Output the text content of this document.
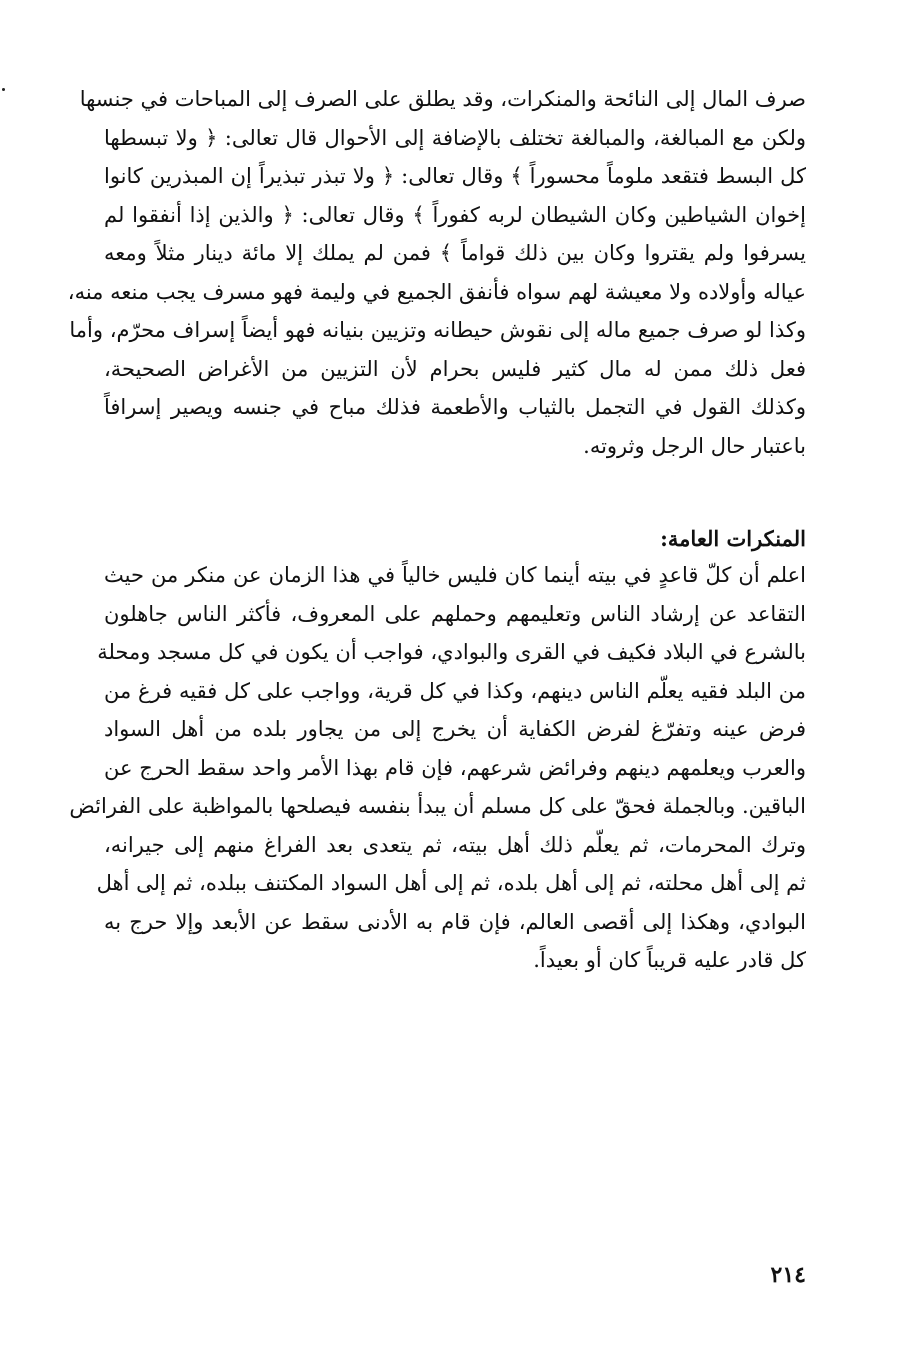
صرف المال إلى النائحة والمنكرات، وقد يطلق على الصرف إلى المباحات في جنسها
ولكن مع المبالغة، والمبالغة تختلف بالإضافة إلى الأحوال قال تعالى: ﴿ ولا تبسطها
كل البسط فتقعد ملوماً محسوراً ﴾ وقال تعالى: ﴿ ولا تبذر تبذيراً إن المبذرين كانوا
إخوان الشياطين وكان الشيطان لربه كفوراً ﴾ وقال تعالى: ﴿ والذين إذا أنفقوا لم
يسرفوا ولم يقتروا وكان بين ذلك قواماً ﴾ فمن لم يملك إلا مائة دينار مثلاً ومعه
عياله وأولاده ولا معيشة لهم سواه فأنفق الجميع في وليمة فهو مسرف يجب منعه منه،
وكذا لو صرف جميع ماله إلى نقوش حيطانه وتزيين بنيانه فهو أيضاً إسراف محرّم، وأما
فعل ذلك ممن له مال كثير فليس بحرام لأن التزيين من الأغراض الصحيحة،
وكذلك القول في التجمل بالثياب والأطعمة فذلك مباح في جنسه ويصير إسرافاً
باعتبار حال الرجل وثروته.
المنكرات العامة:
اعلم أن كلّ قاعدٍ في بيته أينما كان فليس خالياً في هذا الزمان عن منكر من حيث
التقاعد عن إرشاد الناس وتعليمهم وحملهم على المعروف، فأكثر الناس جاهلون
بالشرع في البلاد فكيف في القرى والبوادي، فواجب أن يكون في كل مسجد ومحلة
من البلد فقيه يعلّم الناس دينهم، وكذا في كل قرية، وواجب على كل فقيه فرغ من
فرض عينه وتفرّغ لفرض الكفاية أن يخرج إلى من يجاور بلده من أهل السواد
والعرب ويعلمهم دينهم وفرائض شرعهم، فإن قام بهذا الأمر واحد سقط الحرج عن
الباقين. وبالجملة فحقّ على كل مسلم أن يبدأ بنفسه فيصلحها بالمواظبة على الفرائض
وترك المحرمات، ثم يعلّم ذلك أهل بيته، ثم يتعدى بعد الفراغ منهم إلى جيرانه،
ثم إلى أهل محلته، ثم إلى أهل بلده، ثم إلى أهل السواد المكتنف ببلده، ثم إلى أهل
البوادي، وهكذا إلى أقصى العالم، فإن قام به الأدنى سقط عن الأبعد وإلا حرج به
كل قادر عليه قريباً كان أو بعيداً.
٢١٤
